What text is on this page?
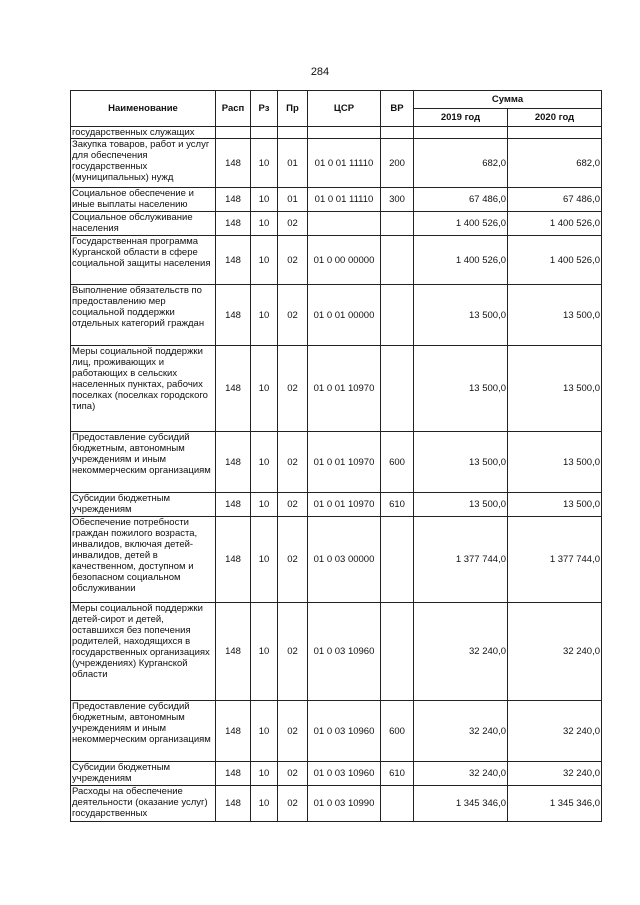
284
Наименование	Расп	Рз	Пр	ЦСР	ВР	Сумма	
						2019 год	2020 год
государственных служащих							
Закупка товаров, работ и услуг для обеспечения государственных (муниципальных) нужд	148	10	01	01 0 01 11110	200	682,0	682,0
Социальное обеспечение и иные выплаты населению	148	10	01	01 0 01 11110	300	67 486,0	67 486,0
Социальное обслуживание населения	148	10	02			1 400 526,0	1 400 526,0
Государственная программа Курганской области в сфере социальной защиты населения	148	10	02	01 0 00 00000		1 400 526,0	1 400 526,0
Выполнение обязательств по предоставлению мер социальной поддержки отдельных категорий граждан	148	10	02	01 0 01 00000		13 500,0	13 500,0
Меры социальной поддержки лиц, проживающих и работающих в сельских населенных пунктах, рабочих поселках (поселках городского типа)	148	10	02	01 0 01 10970		13 500,0	13 500,0
Предоставление субсидий бюджетным, автономным учреждениям и иным некоммерческим организациям	148	10	02	01 0 01 10970	600	13 500,0	13 500,0
Субсидии бюджетным учреждениям	148	10	02	01 0 01 10970	610	13 500,0	13 500,0
Обеспечение потребности граждан пожилого возраста, инвалидов, включая детей-инвалидов, детей в качественном, доступном и безопасном социальном обслуживании	148	10	02	01 0 03 00000		1 377 744,0	1 377 744,0
Меры социальной поддержки детей-сирот и детей, оставшихся без попечения родителей, находящихся в государственных организациях (учреждениях) Курганской области	148	10	02	01 0 03 10960		32 240,0	32 240,0
Предоставление субсидий бюджетным, автономным учреждениям и иным некоммерческим организациям	148	10	02	01 0 03 10960	600	32 240,0	32 240,0
Субсидии бюджетным учреждениям	148	10	02	01 0 03 10960	610	32 240,0	32 240,0
Расходы на обеспечение деятельности (оказание услуг) государственных	148	10	02	01 0 03 10990		1 345 346,0	1 345 346,0
